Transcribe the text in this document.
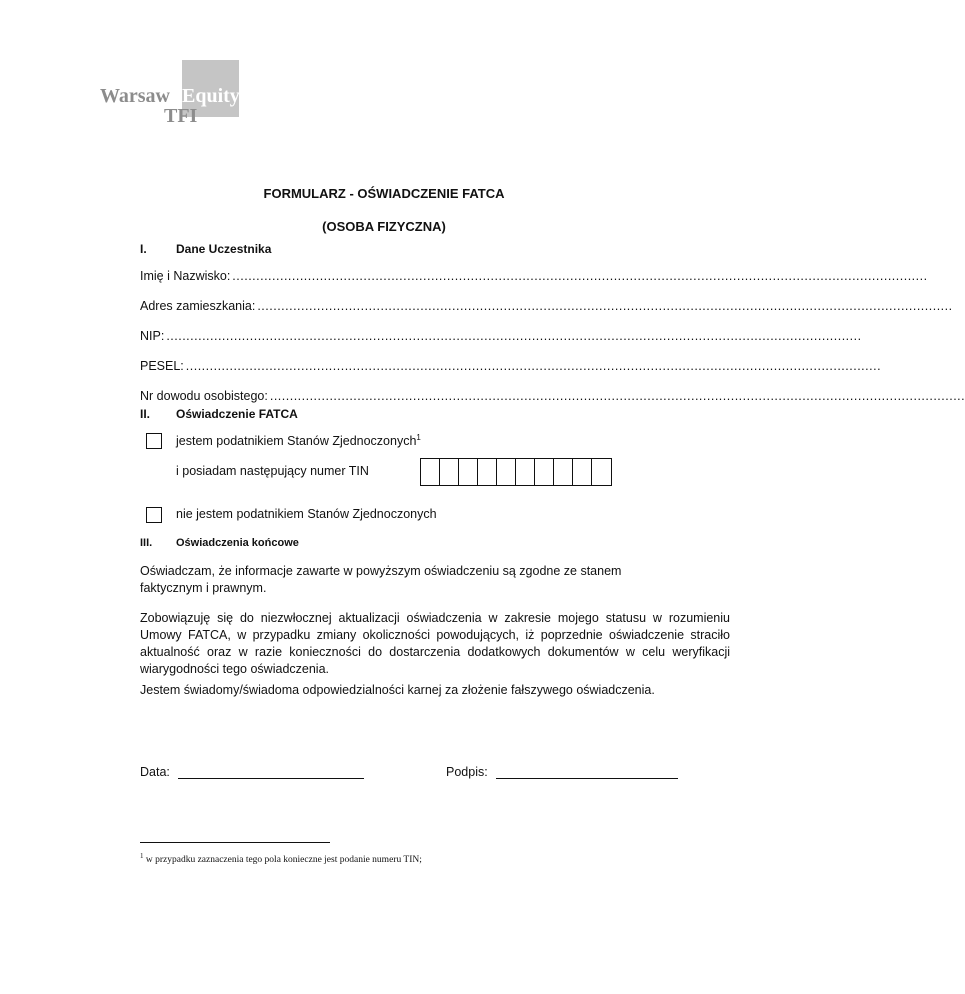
Warsaw Equity
TFI
FORMULARZ - OŚWIADCZENIE FATCA
(OSOBA FIZYCZNA)
I. Dane Uczestnika
Imię i Nazwisko: ...............................................................................................................................................................................
Adres zamieszkania: ...............................................................................................................................................................................
NIP: ...............................................................................................................................................................................
PESEL: ...............................................................................................................................................................................
Nr dowodu osobistego: ...............................................................................................................................................................................
II. Oświadczenie FATCA
jestem podatnikiem Stanów Zjednoczonych$^1$
i posiadam następujący numer TIN
nie jestem podatnikiem Stanów Zjednoczonych
III. Oświadczenia końcowe
Oświadczam, że informacje zawarte w powyższym oświadczeniu są zgodne ze stanem faktycznym i prawnym.
Zobowiązuję się do niezwłocznej aktualizacji oświadczenia w zakresie mojego statusu w rozumieniu Umowy FATCA, w przypadku zmiany okoliczności powodujących, iż poprzednie oświadczenie straciło aktualność oraz w razie konieczności do dostarczenia dodatkowych dokumentów w celu weryfikacji wiarygodności tego oświadczenia.
Jestem świadomy/świadoma odpowiedzialności karnej za złożenie fałszywego oświadczenia.
Data:	Podpis:
$^1$ w przypadku zaznaczenia tego pola konieczne jest podanie numeru TIN;
